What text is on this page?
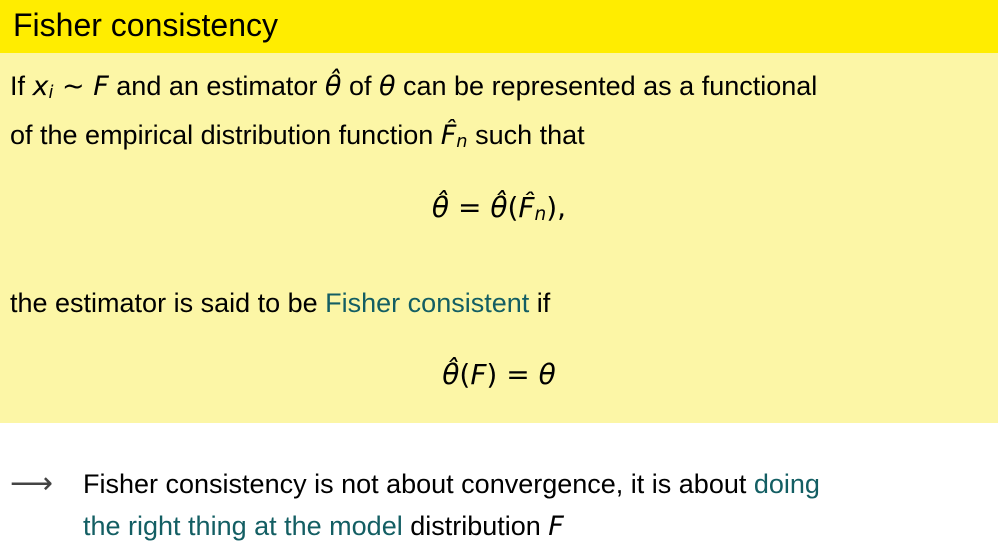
Fisher consistency
If xi ∼ F and an estimator θ̂ of θ can be represented as a functional
of the empirical distribution function F̂n such that
θ̂ = θ̂(F̂n),
the estimator is said to be Fisher consistent if
θ̂(F) = θ
⟶	Fisher consistency is not about convergence, it is about doing
the right thing at the model distribution F
